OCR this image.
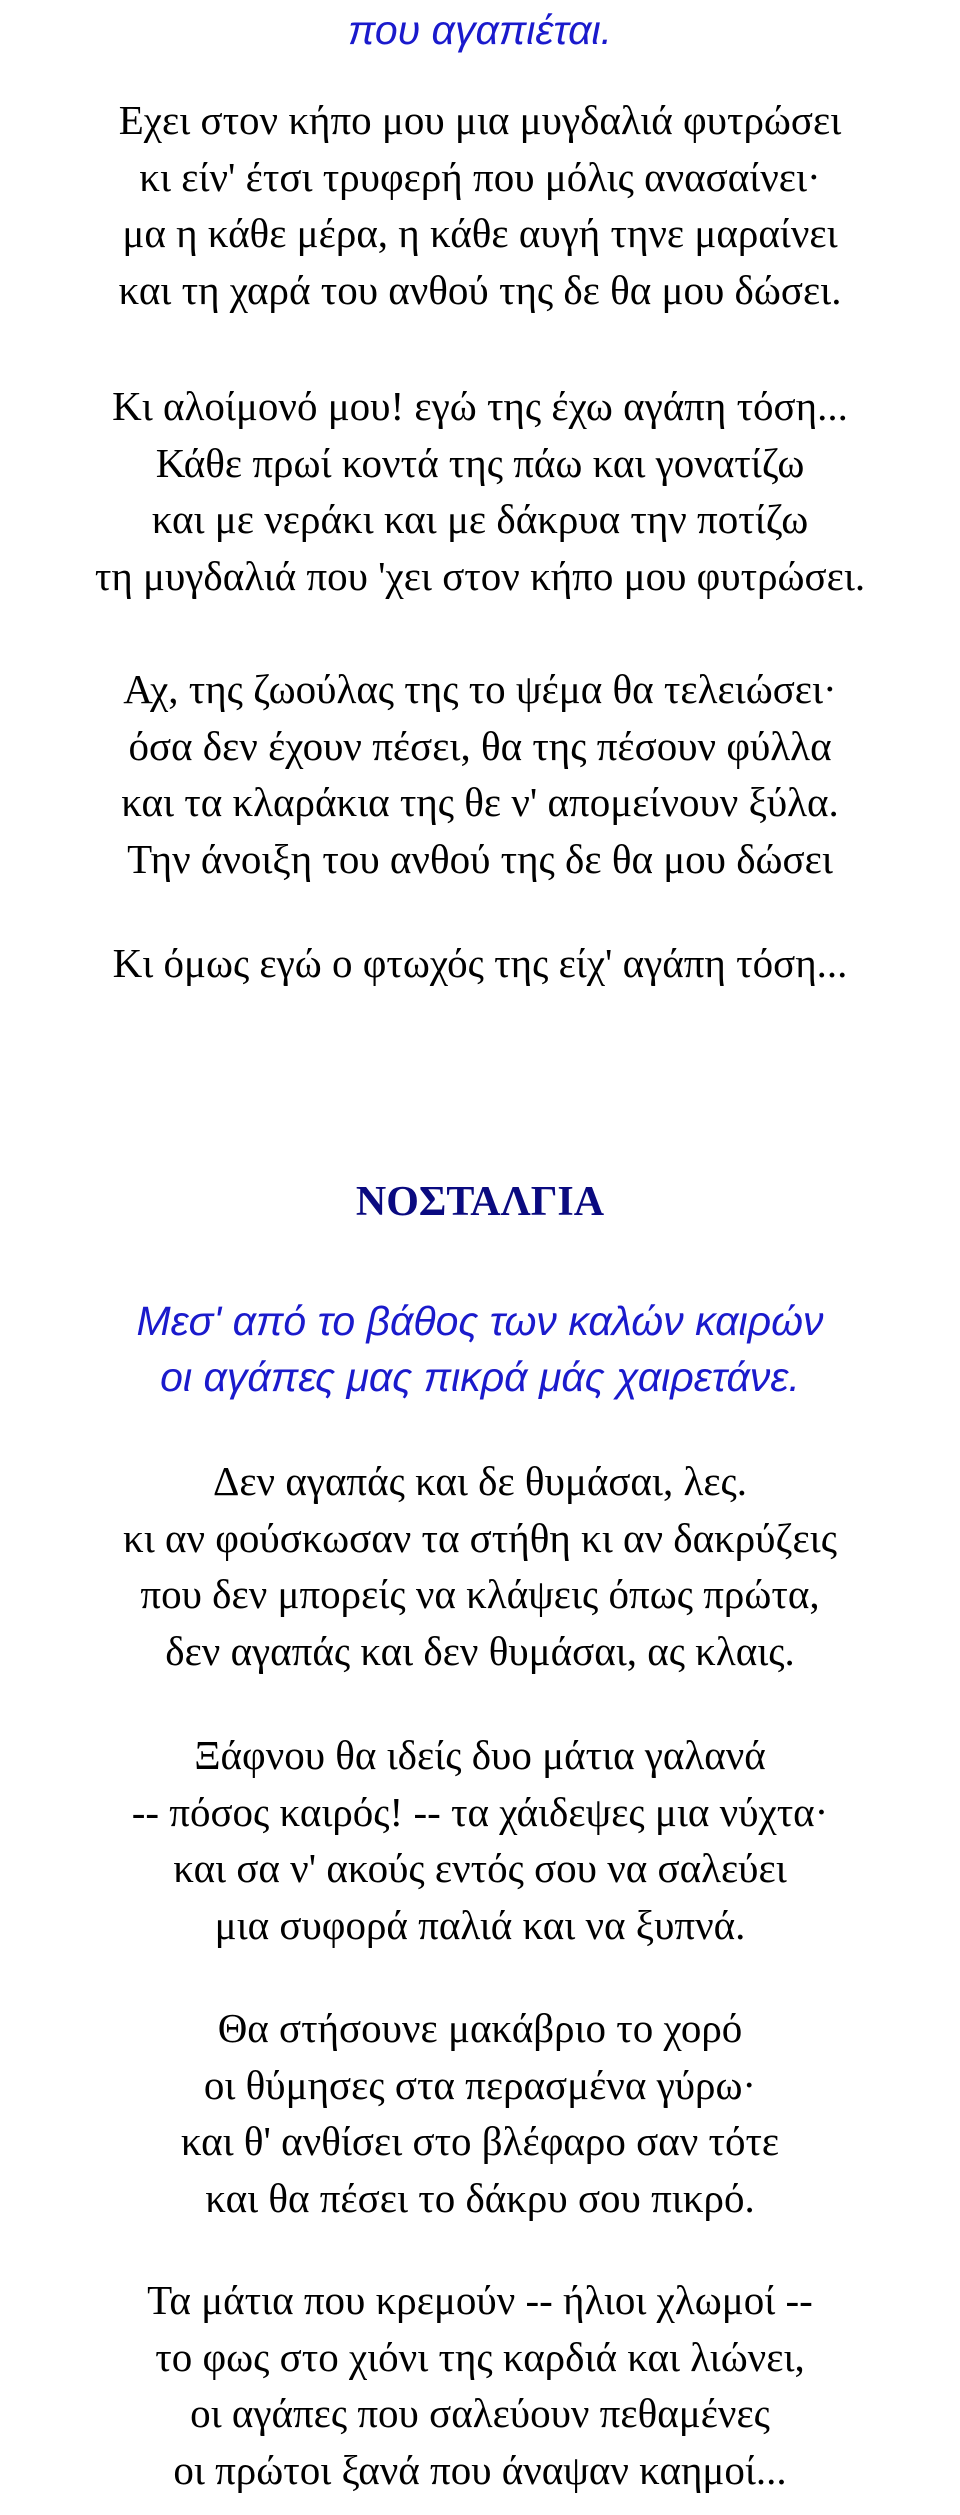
που αγαπιέται.
Εχει στον κήπο μου μια μυγδαλιά φυτρώσει
κι είν' έτσι τρυφερή που μόλις ανασαίνει·
μα η κάθε μέρα, η κάθε αυγή τηνε μαραίνει
και τη χαρά του ανθού της δε θα μου δώσει.
Κι αλοίμονό μου! εγώ της έχω αγάπη τόση...
Κάθε πρωί κοντά της πάω και γονατίζω
και με νεράκι και με δάκρυα την ποτίζω
τη μυγδαλιά που 'χει στον κήπο μου φυτρώσει.
Αχ, της ζωούλας της το ψέμα θα τελειώσει·
όσα δεν έχουν πέσει, θα της πέσουν φύλλα
και τα κλαράκια της θε ν' απομείνουν ξύλα.
Την άνοιξη του ανθού της δε θα μου δώσει
Κι όμως εγώ ο φτωχός της είχ' αγάπη τόση...
ΝΟΣΤΑΛΓΙΑ
Μεσ' από το βάθος των καλών καιρών
οι αγάπες μας πικρά μάς χαιρετάνε.
Δεν αγαπάς και δε θυμάσαι, λες.
κι αν φούσκωσαν τα στήθη κι αν δακρύζεις
που δεν μπορείς να κλάψεις όπως πρώτα,
δεν αγαπάς και δεν θυμάσαι, ας κλαις.
Ξάφνου θα ιδείς δυο μάτια γαλανά
-- πόσος καιρός! -- τα χάιδεψες μια νύχτα·
και σα ν' ακούς εντός σου να σαλεύει
μια συφορά παλιά και να ξυπνά.
Θα στήσουνε μακάβριο το χορό
οι θύμησες στα περασμένα γύρω·
και θ' ανθίσει στο βλέφαρο σαν τότε
και θα πέσει το δάκρυ σου πικρό.
Τα μάτια που κρεμούν -- ήλιοι χλωμοί --
το φως στο χιόνι της καρδιά και λιώνει,
οι αγάπες που σαλεύουν πεθαμένες
οι πρώτοι ξανά που άναψαν καημοί...
